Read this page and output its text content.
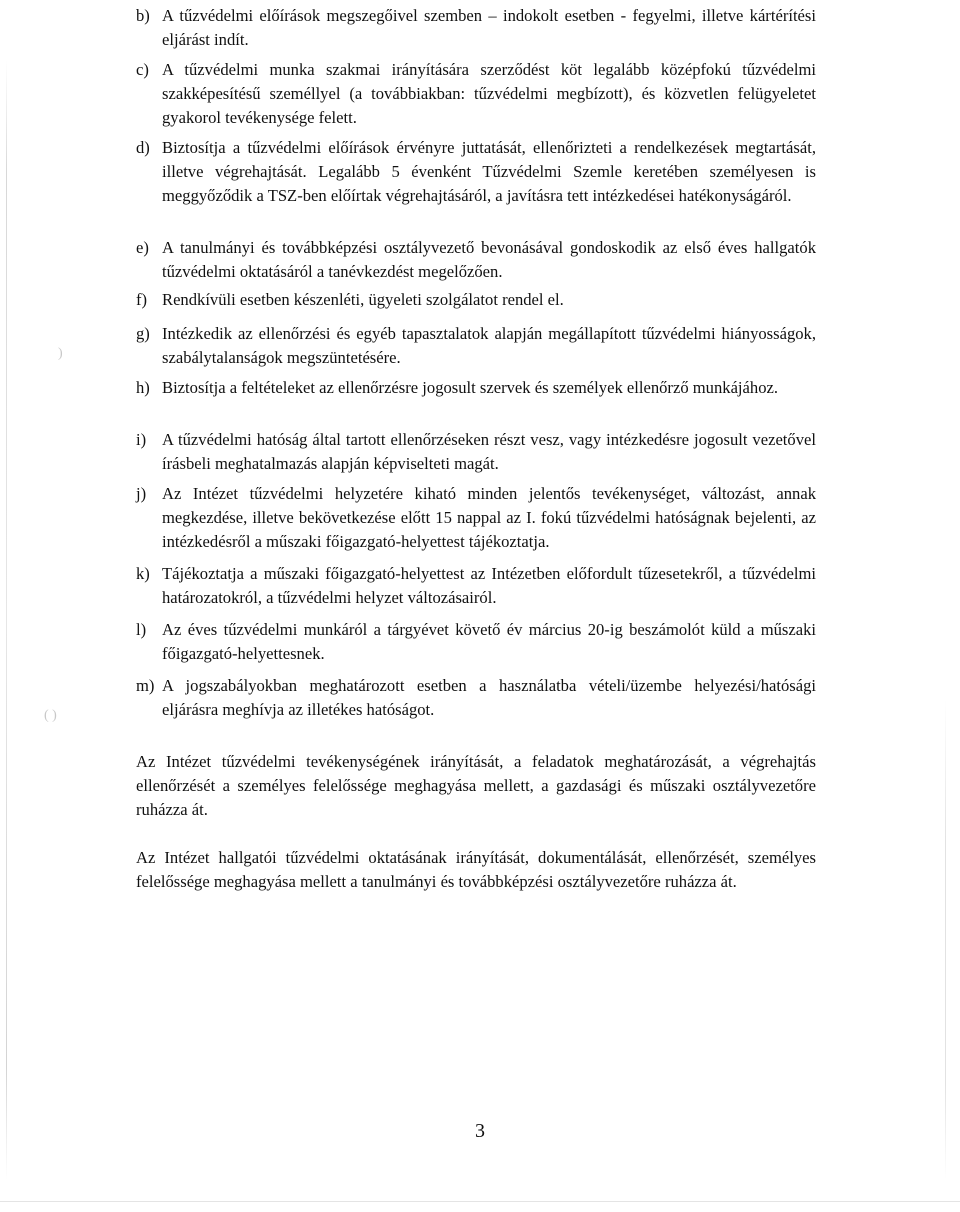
)
( )
b) A tűzvédelmi előírások megszegőivel szemben – indokolt esetben - fegyelmi, illetve kártérítési eljárást indít.
c) A tűzvédelmi munka szakmai irányítására szerződést köt legalább középfokú tűzvédelmi szakképesítésű személlyel (a továbbiakban: tűzvédelmi megbízott), és közvetlen felügyeletet gyakorol tevékenysége felett.
d) Biztosítja a tűzvédelmi előírások érvényre juttatását, ellenőrizteti a rendelkezések megtartását, illetve végrehajtását. Legalább 5 évenként Tűzvédelmi Szemle keretében személyesen is meggyőződik a TSZ-ben előírtak végrehajtásáról, a javításra tett intézkedései hatékonyságáról.
e) A tanulmányi és továbbképzési osztályvezető bevonásával gondoskodik az első éves hallgatók tűzvédelmi oktatásáról a tanévkezdést megelőzően.
f) Rendkívüli esetben készenléti, ügyeleti szolgálatot rendel el.
g) Intézkedik az ellenőrzési és egyéb tapasztalatok alapján megállapított tűzvédelmi hiányosságok, szabálytalanságok megszüntetésére.
h) Biztosítja a feltételeket az ellenőrzésre jogosult szervek és személyek ellenőrző munkájához.
i) A tűzvédelmi hatóság által tartott ellenőrzéseken részt vesz, vagy intézkedésre jogosult vezetővel írásbeli meghatalmazás alapján képviselteti magát.
j) Az Intézet tűzvédelmi helyzetére kiható minden jelentős tevékenységet, változást, annak megkezdése, illetve bekövetkezése előtt 15 nappal az I. fokú tűzvédelmi hatóságnak bejelenti, az intézkedésről a műszaki főigazgató-helyettest tájékoztatja.
k) Tájékoztatja a műszaki főigazgató-helyettest az Intézetben előfordult tűzesetekről, a tűzvédelmi határozatokról, a tűzvédelmi helyzet változásairól.
l) Az éves tűzvédelmi munkáról a tárgyévet követő év március 20-ig beszámolót küld a műszaki főigazgató-helyettesnek.
m) A jogszabályokban meghatározott esetben a használatba vételi/üzembe helyezési/hatósági eljárásra meghívja az illetékes hatóságot.

Az Intézet tűzvédelmi tevékenységének irányítását, a feladatok meghatározását, a végrehajtás ellenőrzését a személyes felelőssége meghagyása mellett, a gazdasági és műszaki osztályvezetőre ruházza át.

Az Intézet hallgatói tűzvédelmi oktatásának irányítását, dokumentálását, ellenőrzését, személyes felelőssége meghagyása mellett a tanulmányi és továbbképzési osztályvezetőre ruházza át.

3
